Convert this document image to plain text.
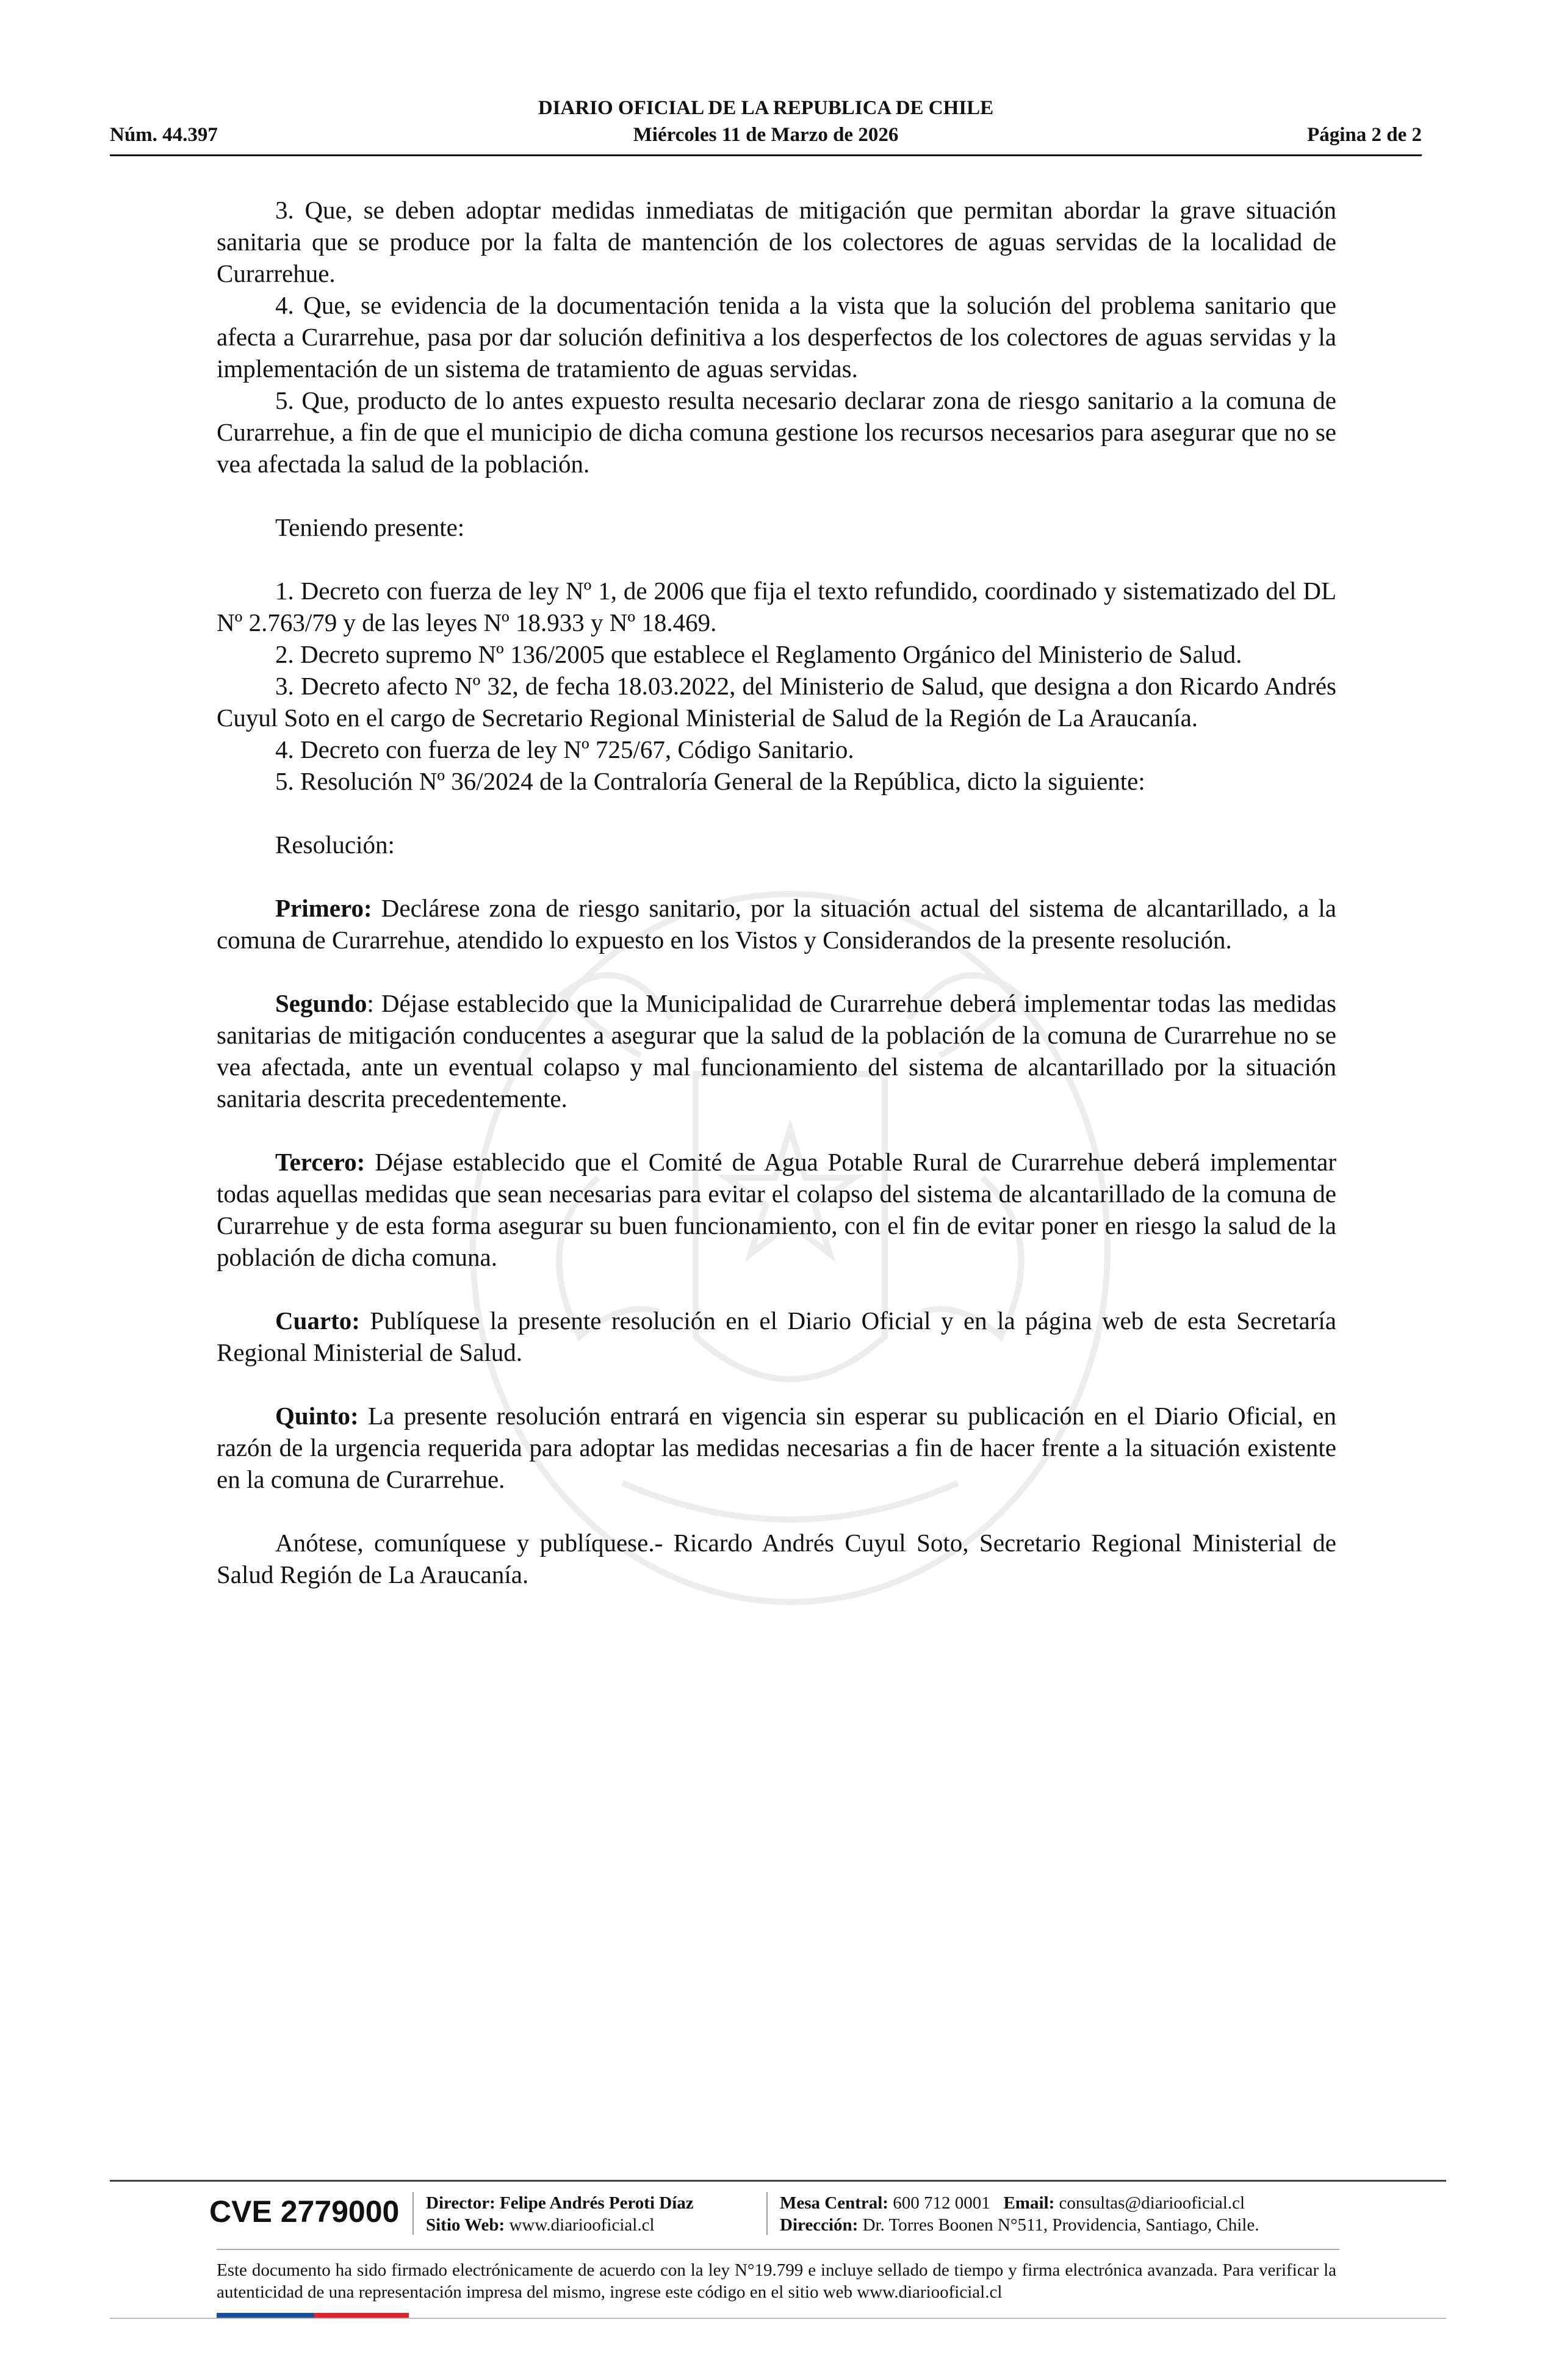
DIARIO OFICIAL DE LA REPUBLICA DE CHILE
Núm. 44.397	Miércoles 11 de Marzo de 2026	Página 2 de 2

3. Que, se deben adoptar medidas inmediatas de mitigación que permitan abordar la grave situación sanitaria que se produce por la falta de mantención de los colectores de aguas servidas de la localidad de Curarrehue.

4. Que, se evidencia de la documentación tenida a la vista que la solución del problema sanitario que afecta a Curarrehue, pasa por dar solución definitiva a los desperfectos de los colectores de aguas servidas y la implementación de un sistema de tratamiento de aguas servidas.

5. Que, producto de lo antes expuesto resulta necesario declarar zona de riesgo sanitario a la comuna de Curarrehue, a fin de que el municipio de dicha comuna gestione los recursos necesarios para asegurar que no se vea afectada la salud de la población.

Teniendo presente:

1. Decreto con fuerza de ley Nº 1, de 2006 que fija el texto refundido, coordinado y sistematizado del DL Nº 2.763/79 y de las leyes Nº 18.933 y Nº 18.469.

2. Decreto supremo Nº 136/2005 que establece el Reglamento Orgánico del Ministerio de Salud.

3. Decreto afecto Nº 32, de fecha 18.03.2022, del Ministerio de Salud, que designa a don Ricardo Andrés Cuyul Soto en el cargo de Secretario Regional Ministerial de Salud de la Región de La Araucanía.

4. Decreto con fuerza de ley Nº 725/67, Código Sanitario.

5. Resolución Nº 36/2024 de la Contraloría General de la República, dicto la siguiente:

Resolución:

Primero: Declárese zona de riesgo sanitario, por la situación actual del sistema de alcantarillado, a la comuna de Curarrehue, atendido lo expuesto en los Vistos y Considerandos de la presente resolución.

Segundo: Déjase establecido que la Municipalidad de Curarrehue deberá implementar todas las medidas sanitarias de mitigación conducentes a asegurar que la salud de la población de la comuna de Curarrehue no se vea afectada, ante un eventual colapso y mal funcionamiento del sistema de alcantarillado por la situación sanitaria descrita precedentemente.

Tercero: Déjase establecido que el Comité de Agua Potable Rural de Curarrehue deberá implementar todas aquellas medidas que sean necesarias para evitar el colapso del sistema de alcantarillado de la comuna de Curarrehue y de esta forma asegurar su buen funcionamiento, con el fin de evitar poner en riesgo la salud de la población de dicha comuna.

Cuarto: Publíquese la presente resolución en el Diario Oficial y en la página web de esta Secretaría Regional Ministerial de Salud.

Quinto: La presente resolución entrará en vigencia sin esperar su publicación en el Diario Oficial, en razón de la urgencia requerida para adoptar las medidas necesarias a fin de hacer frente a la situación existente en la comuna de Curarrehue.

Anótese, comuníquese y publíquese.- Ricardo Andrés Cuyul Soto, Secretario Regional Ministerial de Salud Región de La Araucanía.

CVE 2779000 Director: Felipe Andrés Peroti Díaz
Sitio Web: www.diariooficial.cl
Mesa Central: 600 712 0001 Email: consultas@diariooficial.cl
Dirección: Dr. Torres Boonen N°511, Providencia, Santiago, Chile.
Este documento ha sido firmado electrónicamente de acuerdo con la ley N°19.799 e incluye sellado de tiempo y firma electrónica avanzada. Para verificar la autenticidad de una representación impresa del mismo, ingrese este código en el sitio web www.diariooficial.cl
